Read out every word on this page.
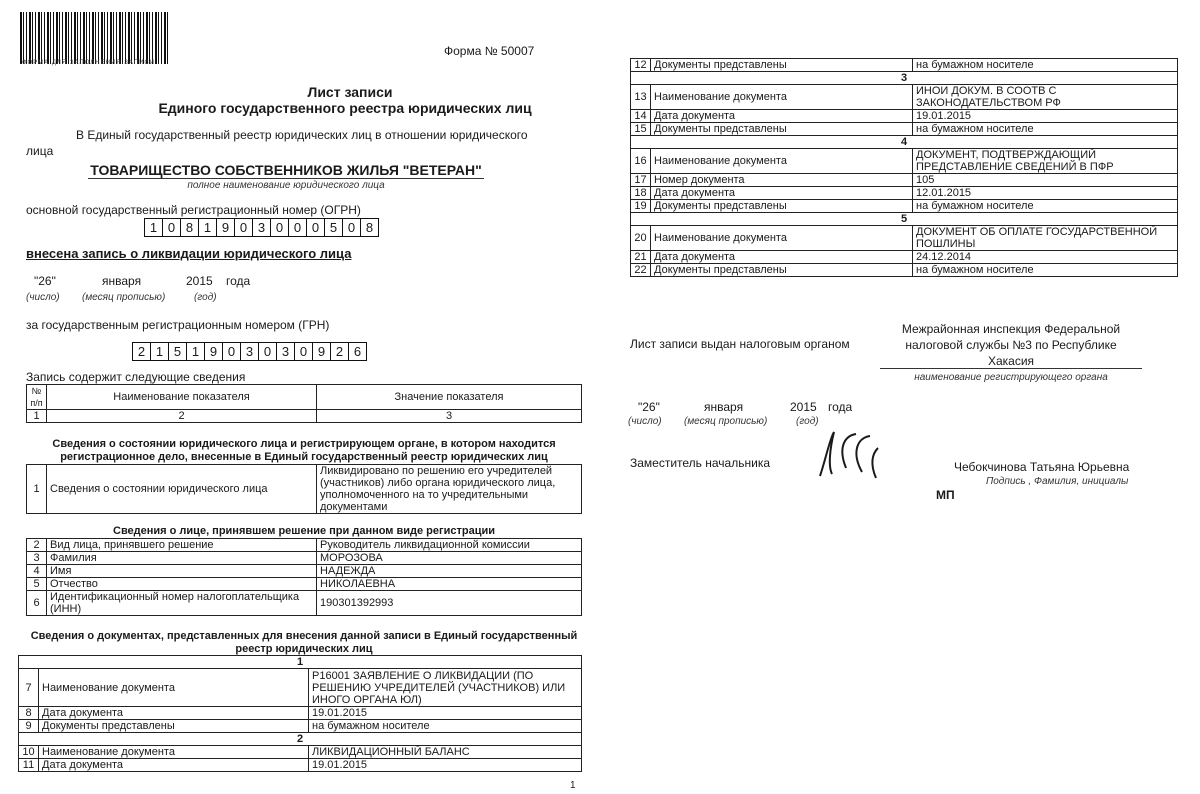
ФОРМА ДЛЯ ЗАПОЛНЕНИЯ ЗАПИСИ
Форма № 50007
Лист записи
Единого государственного реестра юридических лиц
В Единый государственный реестр юридических лиц в отношении юридического
лица
ТОВАРИЩЕСТВО СОБСТВЕННИКОВ ЖИЛЬЯ "ВЕТЕРАН"
полное наименование юридического лица
основной государственный регистрационный номер (ОГРН)
1 0 8 1 9 0 3 0 0 0 5 0 8
внесена запись о ликвидации юридического лица
"26"	января	2015 года
(число) (месяц прописью)	(год)
за государственным регистрационным номером (ГРН)
2 1 5 1 9 0 3 0 3 0 9 2 6
Запись содержит следующие сведения
№ п/п	Наименование показателя	Значение показателя
1	2	3
Сведения о состоянии юридического лица и регистрирующем органе, в котором находится регистрационное дело, внесенные в Единый государственный реестр юридических лиц
1	Сведения о состоянии юридического лица	Ликвидировано по решению его учредителей (участников) либо органа юридического лица, уполномоченного на то учредительными документами
Сведения о лице, принявшем решение при данном виде регистрации
2	Вид лица, принявшего решение	Руководитель ликвидационной комиссии
3	Фамилия	МОРОЗОВА
4	Имя	НАДЕЖДА
5	Отчество	НИКОЛАЕВНА
6	Идентификационный номер налогоплательщика (ИНН)	190301392993
Сведения о документах, представленных для внесения данной записи в Единый государственный реестр юридических лиц
1		
7	Наименование документа	Р16001 ЗАЯВЛЕНИЕ О ЛИКВИДАЦИИ (ПО РЕШЕНИЮ УЧРЕДИТЕЛЕЙ (УЧАСТНИКОВ) ИЛИ ИНОГО ОРГАНА ЮЛ)
8	Дата документа	19.01.2015
9	Документы представлены	на бумажном носителе
2		
10	Наименование документа	ЛИКВИДАЦИОННЫЙ БАЛАНС
11	Дата документа	19.01.2015
1
12	Документы представлены	на бумажном носителе
3		
13	Наименование документа	ИНОИ ДОКУМ. В СООТВ С ЗАКОНОДАТЕЛЬСТВОМ РФ
14	Дата документа	19.01.2015
15	Документы представлены	на бумажном носителе
4		
16	Наименование документа	ДОКУМЕНТ, ПОДТВЕРЖДАЮЩИЙ ПРЕДСТАВЛЕНИЕ СВЕДЕНИЙ В ПФР
17	Номер документа	105
18	Дата документа	12.01.2015
19	Документы представлены	на бумажном носителе
5		
20	Наименование документа	ДОКУМЕНТ ОБ ОПЛАТЕ ГОСУДАРСТВЕННОЙ ПОШЛИНЫ
21	Дата документа	24.12.2014
22	Документы представлены	на бумажном носителе
Лист записи выдан налоговым органом
Межрайонная инспекция Федеральной
налоговой службы №3 по Республике
Хакасия
наименование регистрирующего органа
"26"	января	2015 года
(число) (месяц прописью)	(год)
Заместитель начальника	Чебокчинова Татьяна Юрьевна
Подпись , Фамилия, инициалы
МП
